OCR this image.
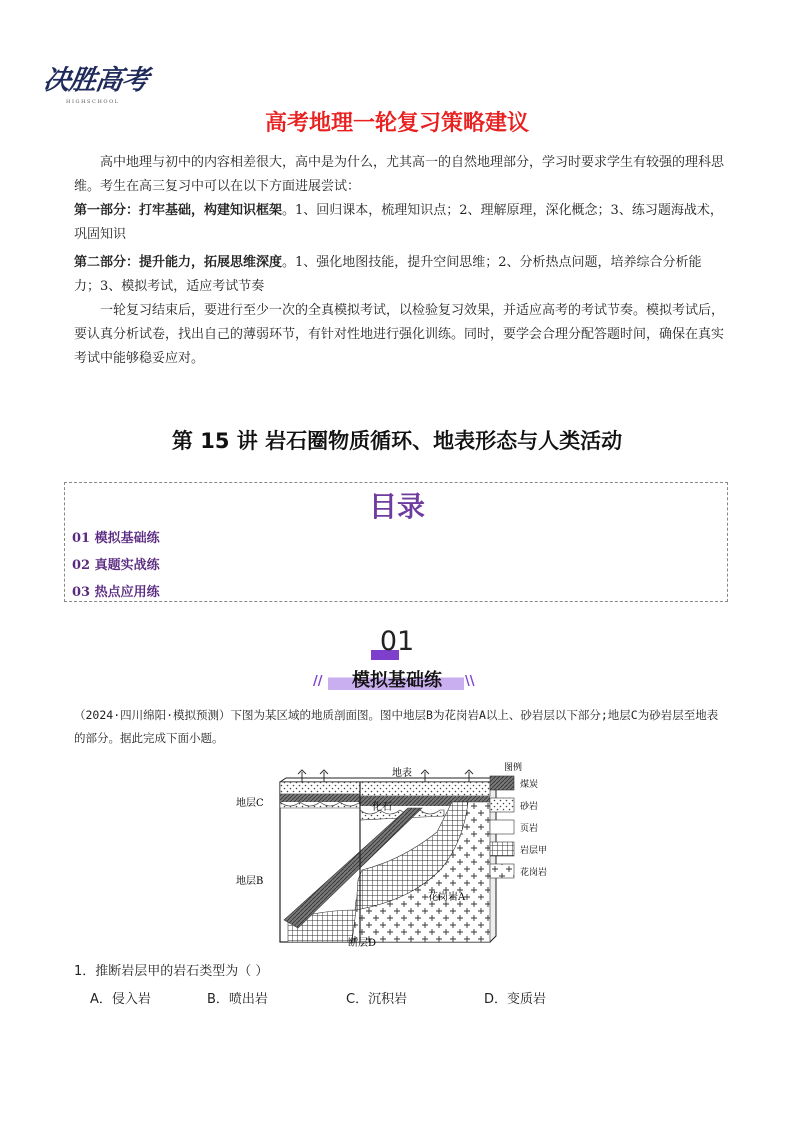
决胜高考
H I G H S C H O O L
高考地理一轮复习策略建议
高中地理与初中的内容相差很大，高中是为什么，尤其高一的自然地理部分，学习时要求学生有较强的理科思维。考生在高三复习中可以在以下方面进展尝试：
第一部分：打牢基础，构建知识框架。1、回归课本，梳理知识点；2、理解原理，深化概念；3、练习题海战术，巩固知识
第二部分：提升能力，拓展思维深度。1、强化地图技能，提升空间思维；2、分析热点问题，培养综合分析能力；3、模拟考试，适应考试节奏
一轮复习结束后，要进行至少一次的全真模拟考试，以检验复习效果，并适应高考的考试节奏。模拟考试后，要认真分析试卷，找出自己的薄弱环节，有针对性地进行强化训练。同时，要学会合理分配答题时间，确保在真实考试中能够稳妥应对。
第 15 讲 岩石圈物质循环、地表形态与人类活动
目录
01 模拟基础练
02 真题实战练
03 热点应用练
01
模拟基础练
//	\\
（2024·四川绵阳·模拟预测）下图为某区域的地质剖面图。图中地层B为花岗岩A以上、砂岩层以下部分;地层C为砂岩层至地表的部分。据此完成下面小题。
地表
化石
花岗岩A
地层C
地层B
断层D
图例
煤炭
砂岩
页岩
岩层甲
花岗岩
1．推断岩层甲的岩石类型为（ ）
A．侵入岩	B．喷出岩	C．沉积岩	D．变质岩
